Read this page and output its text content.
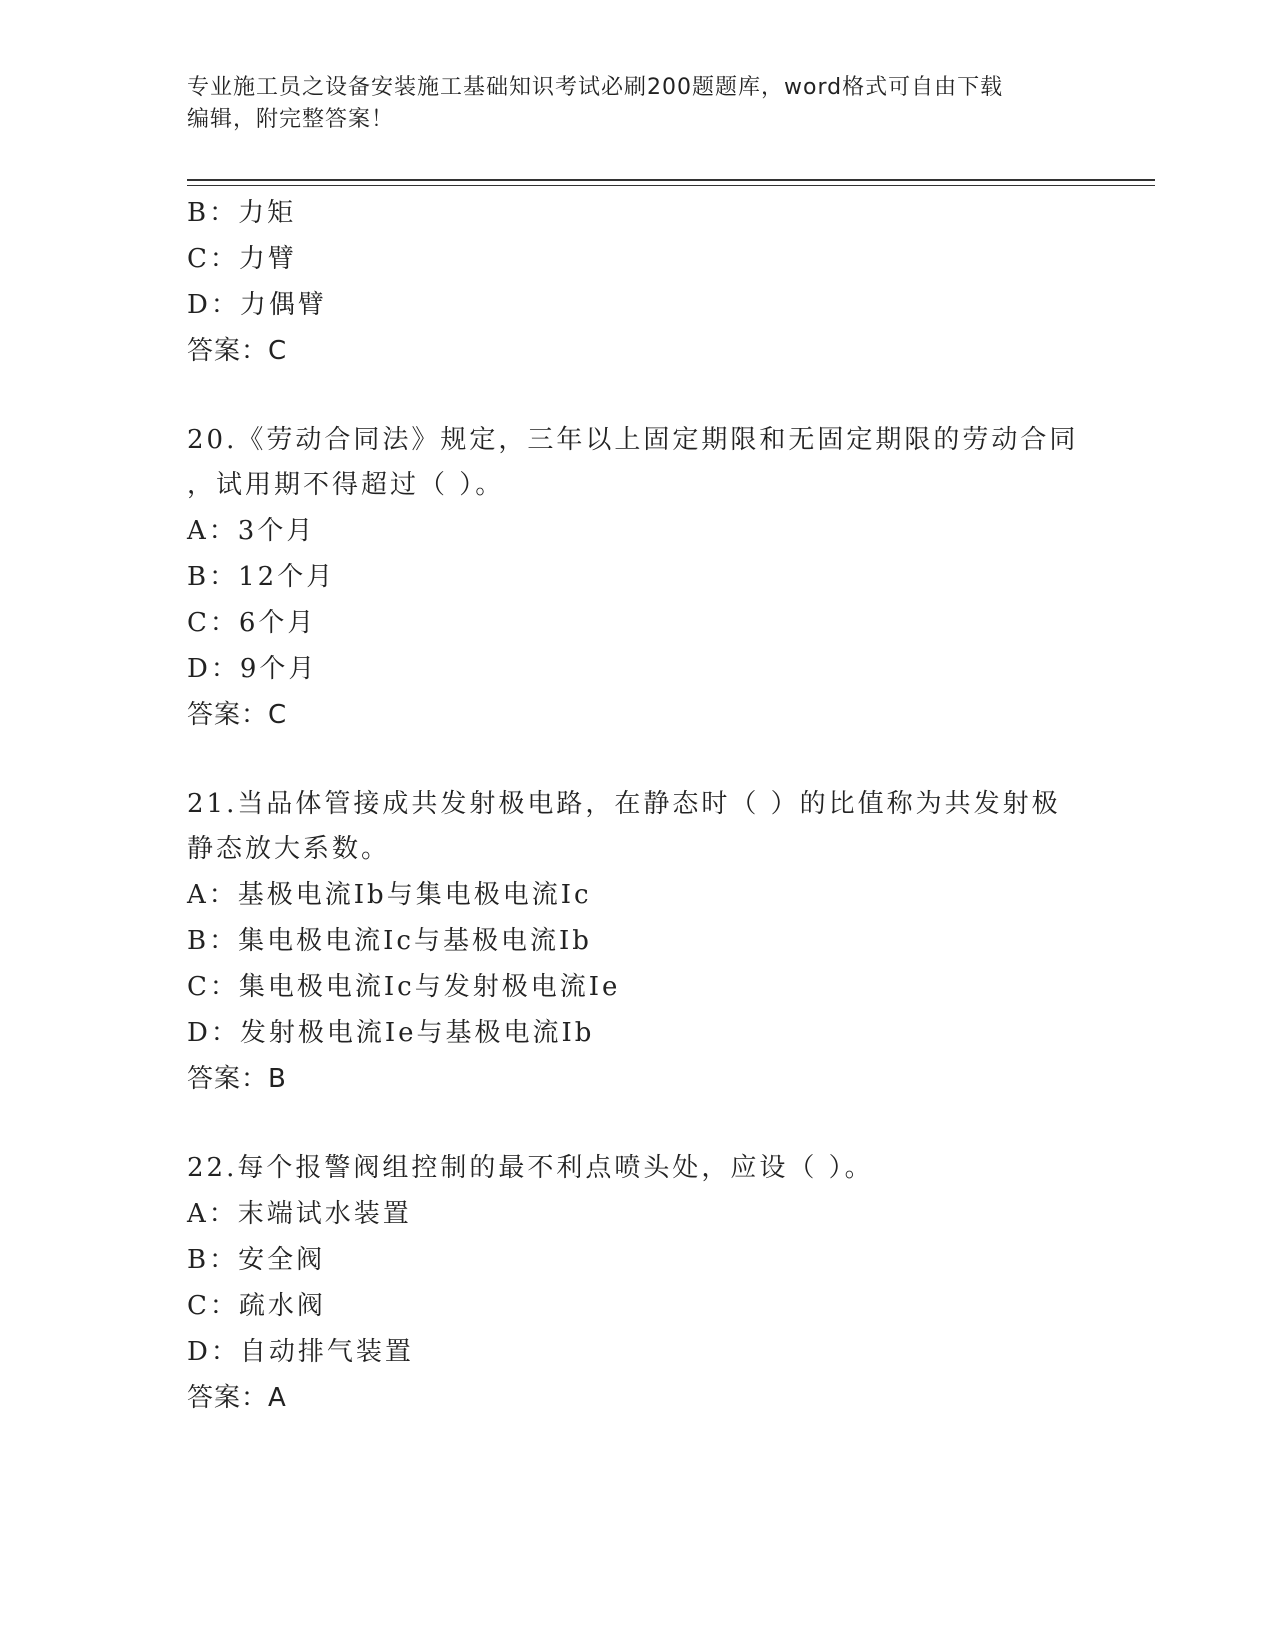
专业施工员之设备安装施工基础知识考试必刷200题题库，word格式可自由下载
编辑，附完整答案！
B：力矩
C：力臂
D：力偶臂
答案：C
20.《劳动合同法》规定，三年以上固定期限和无固定期限的劳动合同
，试用期不得超过（ ）。
A：3个月
B：12个月
C：6个月
D：9个月
答案：C
21.当品体管接成共发射极电路，在静态时（ ）的比值称为共发射极
静态放大系数。
A：基极电流Ib与集电极电流Ic
B：集电极电流Ic与基极电流Ib
C：集电极电流Ic与发射极电流Ie
D：发射极电流Ie与基极电流Ib
答案：B
22.每个报警阀组控制的最不利点喷头处，应设（ ）。
A：末端试水装置
B：安全阀
C：疏水阀
D：自动排气装置
答案：A
